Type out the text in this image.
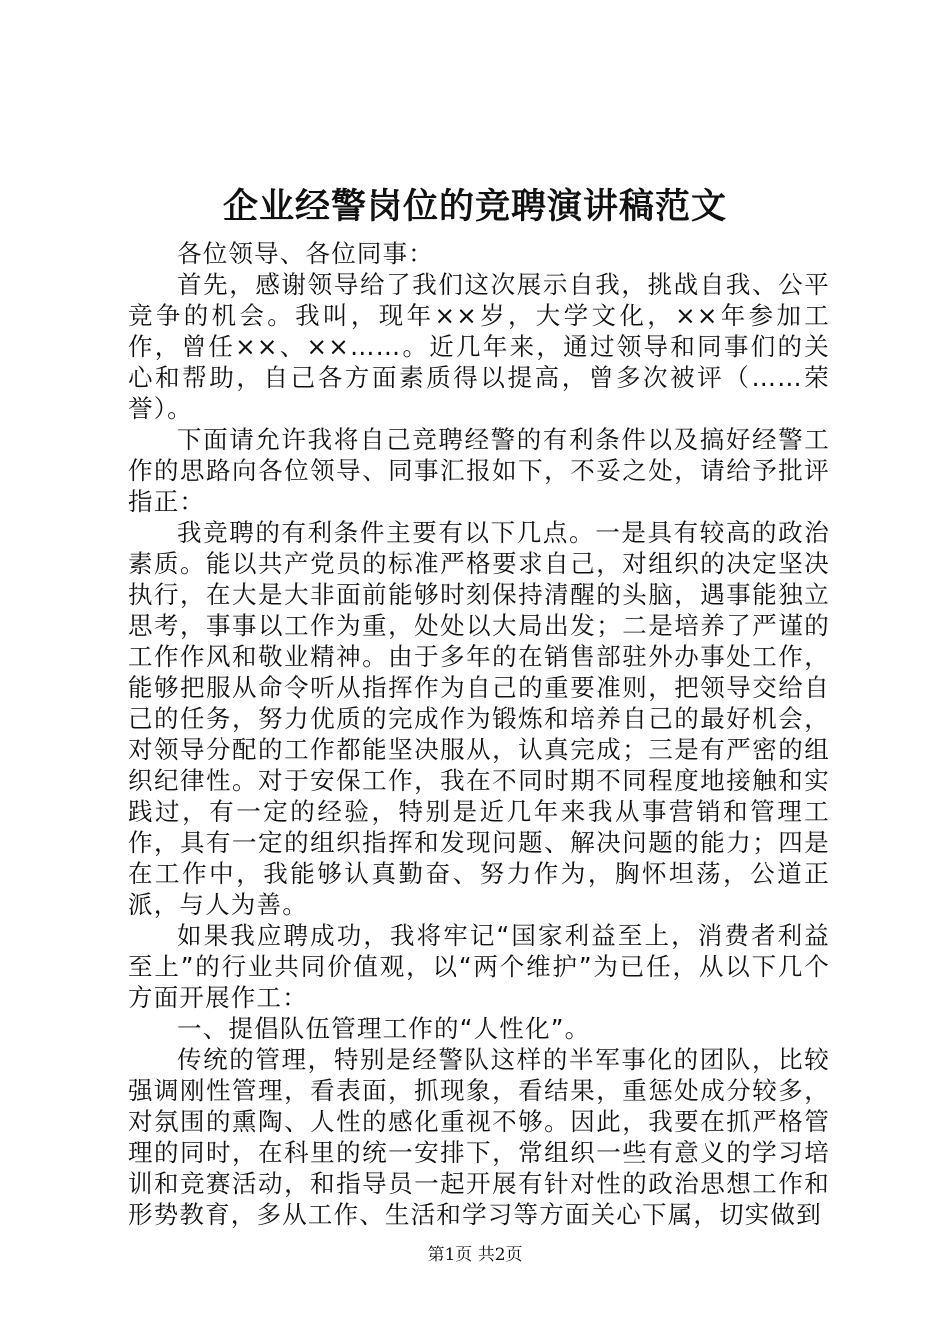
企业经警岗位的竞聘演讲稿范文

各位领导、各位同事：

首先，感谢领导给了我们这次展示自我，挑战自我、公平竞争的机会。我叫，现年××岁，大学文化，××年参加工作，曾任××、××……。近几年来，通过领导和同事们的关心和帮助，自己各方面素质得以提高，曾多次被评（……荣誉）。

下面请允许我将自己竞聘经警的有利条件以及搞好经警工作的思路向各位领导、同事汇报如下，不妥之处，请给予批评指正：

我竞聘的有利条件主要有以下几点。一是具有较高的政治素质。能以共产党员的标准严格要求自己，对组织的决定坚决执行，在大是大非面前能够时刻保持清醒的头脑，遇事能独立思考，事事以工作为重，处处以大局出发；二是培养了严谨的工作作风和敬业精神。由于多年的在销售部驻外办事处工作，能够把服从命令听从指挥作为自己的重要准则，把领导交给自己的任务，努力优质的完成作为锻炼和培养自己的最好机会，对领导分配的工作都能坚决服从，认真完成；三是有严密的组织纪律性。对于安保工作，我在不同时期不同程度地接触和实践过，有一定的经验，特别是近几年来我从事营销和管理工作，具有一定的组织指挥和发现问题、解决问题的能力；四是在工作中，我能够认真勤奋、努力作为，胸怀坦荡，公道正派，与人为善。

如果我应聘成功，我将牢记“国家利益至上，消费者利益至上”的行业共同价值观，以“两个维护”为已任，从以下几个方面开展作工：

一、提倡队伍管理工作的“人性化”。

传统的管理，特别是经警队这样的半军事化的团队，比较强调刚性管理，看表面，抓现象，看结果，重惩处成分较多，对氛围的熏陶、人性的感化重视不够。因此，我要在抓严格管理的同时，在科里的统一安排下，常组织一些有意义的学习培训和竞赛活动，和指导员一起开展有针对性的政治思想工作和形势教育，多从工作、生活和学习等方面关心下属，切实做到

第1页 共2页
